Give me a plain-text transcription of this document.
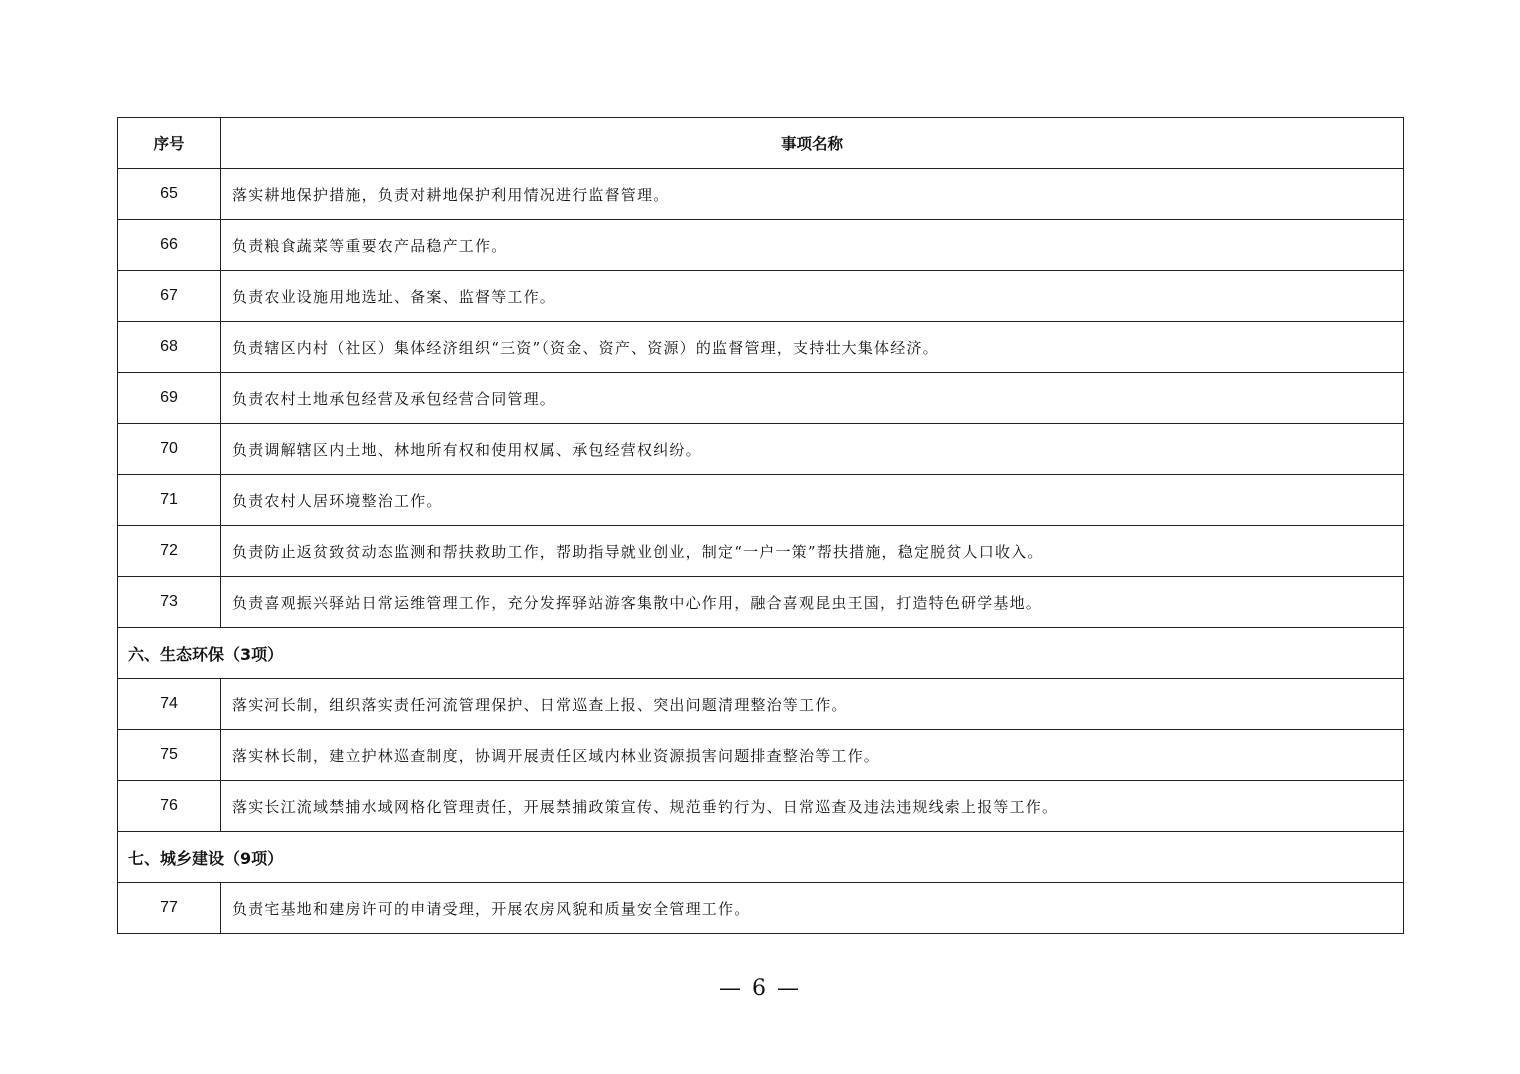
序号	事项名称
65	落实耕地保护措施，负责对耕地保护利用情况进行监督管理。
66	负责粮食蔬菜等重要农产品稳产工作。
67	负责农业设施用地选址、备案、监督等工作。
68	负责辖区内村（社区）集体经济组织“三资”（资金、资产、资源）的监督管理，支持壮大集体经济。
69	负责农村土地承包经营及承包经营合同管理。
70	负责调解辖区内土地、林地所有权和使用权属、承包经营权纠纷。
71	负责农村人居环境整治工作。
72	负责防止返贫致贫动态监测和帮扶救助工作，帮助指导就业创业，制定“一户一策”帮扶措施，稳定脱贫人口收入。
73	负责喜观振兴驿站日常运维管理工作，充分发挥驿站游客集散中心作用，融合喜观昆虫王国，打造特色研学基地。
六、生态环保（3项）	
74	落实河长制，组织落实责任河流管理保护、日常巡查上报、突出问题清理整治等工作。
75	落实林长制，建立护林巡查制度，协调开展责任区域内林业资源损害问题排查整治等工作。
76	落实长江流域禁捕水域网格化管理责任，开展禁捕政策宣传、规范垂钓行为、日常巡查及违法违规线索上报等工作。
七、城乡建设（9项）	
77	负责宅基地和建房许可的申请受理，开展农房风貌和质量安全管理工作。
— 6 —
